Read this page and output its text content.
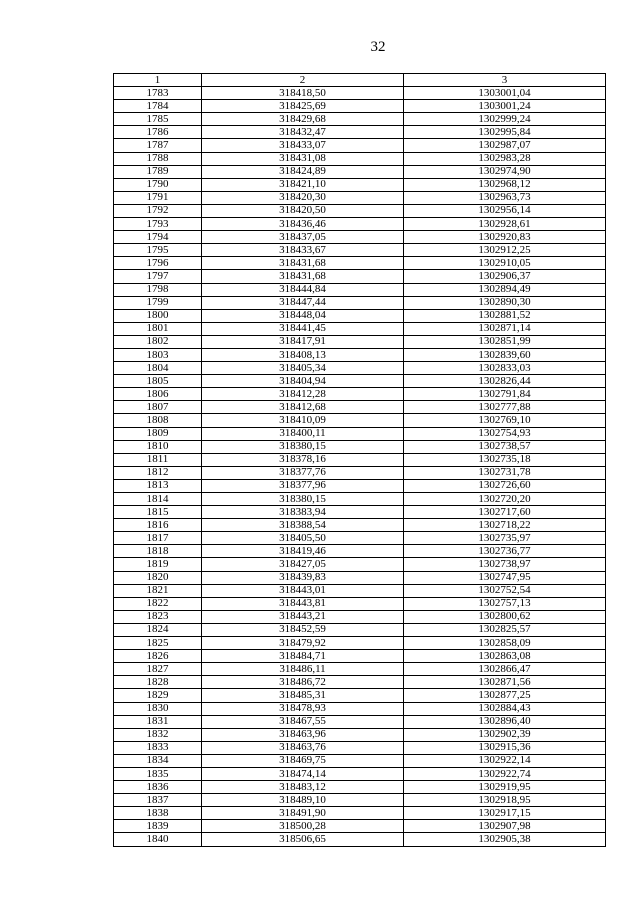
32
1	2	3
1783	318418,50	1303001,04
1784	318425,69	1303001,24
1785	318429,68	1302999,24
1786	318432,47	1302995,84
1787	318433,07	1302987,07
1788	318431,08	1302983,28
1789	318424,89	1302974,90
1790	318421,10	1302968,12
1791	318420,30	1302963,73
1792	318420,50	1302956,14
1793	318436,46	1302928,61
1794	318437,05	1302920,83
1795	318433,67	1302912,25
1796	318431,68	1302910,05
1797	318431,68	1302906,37
1798	318444,84	1302894,49
1799	318447,44	1302890,30
1800	318448,04	1302881,52
1801	318441,45	1302871,14
1802	318417,91	1302851,99
1803	318408,13	1302839,60
1804	318405,34	1302833,03
1805	318404,94	1302826,44
1806	318412,28	1302791,84
1807	318412,68	1302777,88
1808	318410,09	1302769,10
1809	318400,11	1302754,93
1810	318380,15	1302738,57
1811	318378,16	1302735,18
1812	318377,76	1302731,78
1813	318377,96	1302726,60
1814	318380,15	1302720,20
1815	318383,94	1302717,60
1816	318388,54	1302718,22
1817	318405,50	1302735,97
1818	318419,46	1302736,77
1819	318427,05	1302738,97
1820	318439,83	1302747,95
1821	318443,01	1302752,54
1822	318443,81	1302757,13
1823	318443,21	1302800,62
1824	318452,59	1302825,57
1825	318479,92	1302858,09
1826	318484,71	1302863,08
1827	318486,11	1302866,47
1828	318486,72	1302871,56
1829	318485,31	1302877,25
1830	318478,93	1302884,43
1831	318467,55	1302896,40
1832	318463,96	1302902,39
1833	318463,76	1302915,36
1834	318469,75	1302922,14
1835	318474,14	1302922,74
1836	318483,12	1302919,95
1837	318489,10	1302918,95
1838	318491,90	1302917,15
1839	318500,28	1302907,98
1840	318506,65	1302905,38
